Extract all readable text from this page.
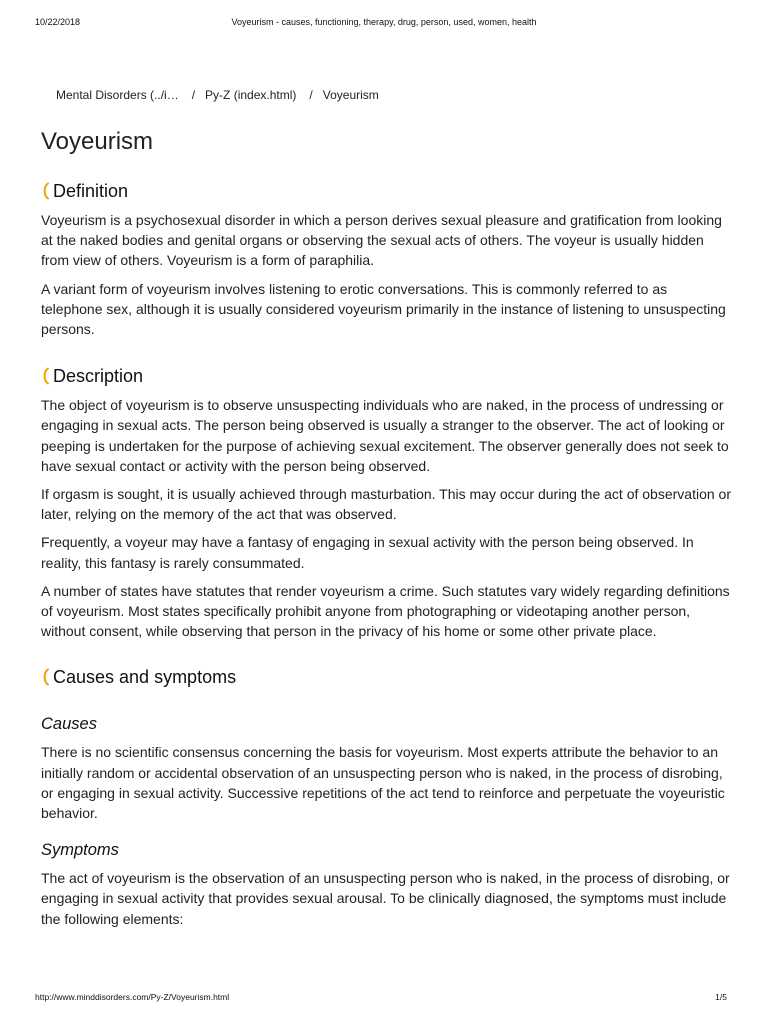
10/22/2018	Voyeurism - causes, functioning, therapy, drug, person, used, women, health
Mental Disorders (../i… / Py-Z (index.html) / Voyeurism
Voyeurism
Definition

Voyeurism is a psychosexual disorder in which a person derives sexual pleasure and gratification from looking at the naked bodies and genital organs or observing the sexual acts of others. The voyeur is usually hidden from view of others. Voyeurism is a form of paraphilia.

A variant form of voyeurism involves listening to erotic conversations. This is commonly referred to as telephone sex, although it is usually considered voyeurism primarily in the instance of listening to unsuspecting persons.

Description

The object of voyeurism is to observe unsuspecting individuals who are naked, in the process of undressing or engaging in sexual acts. The person being observed is usually a stranger to the observer. The act of looking or peeping is undertaken for the purpose of achieving sexual excitement. The observer generally does not seek to have sexual contact or activity with the person being observed.

If orgasm is sought, it is usually achieved through masturbation. This may occur during the act of observation or later, relying on the memory of the act that was observed.

Frequently, a voyeur may have a fantasy of engaging in sexual activity with the person being observed. In reality, this fantasy is rarely consummated.

A number of states have statutes that render voyeurism a crime. Such statutes vary widely regarding definitions of voyeurism. Most states specifically prohibit anyone from photographing or videotaping another person, without consent, while observing that person in the privacy of his home or some other private place.

Causes and symptoms
Causes

There is no scientific consensus concerning the basis for voyeurism. Most experts attribute the behavior to an initially random or accidental observation of an unsuspecting person who is naked, in the process of disrobing, or engaging in sexual activity. Successive repetitions of the act tend to reinforce and perpetuate the voyeuristic behavior.

Symptoms

The act of voyeurism is the observation of an unsuspecting person who is naked, in the process of disrobing, or engaging in sexual activity that provides sexual arousal. To be clinically diagnosed, the symptoms must include the following elements:

http://www.minddisorders.com/Py-Z/Voyeurism.html	1/5
